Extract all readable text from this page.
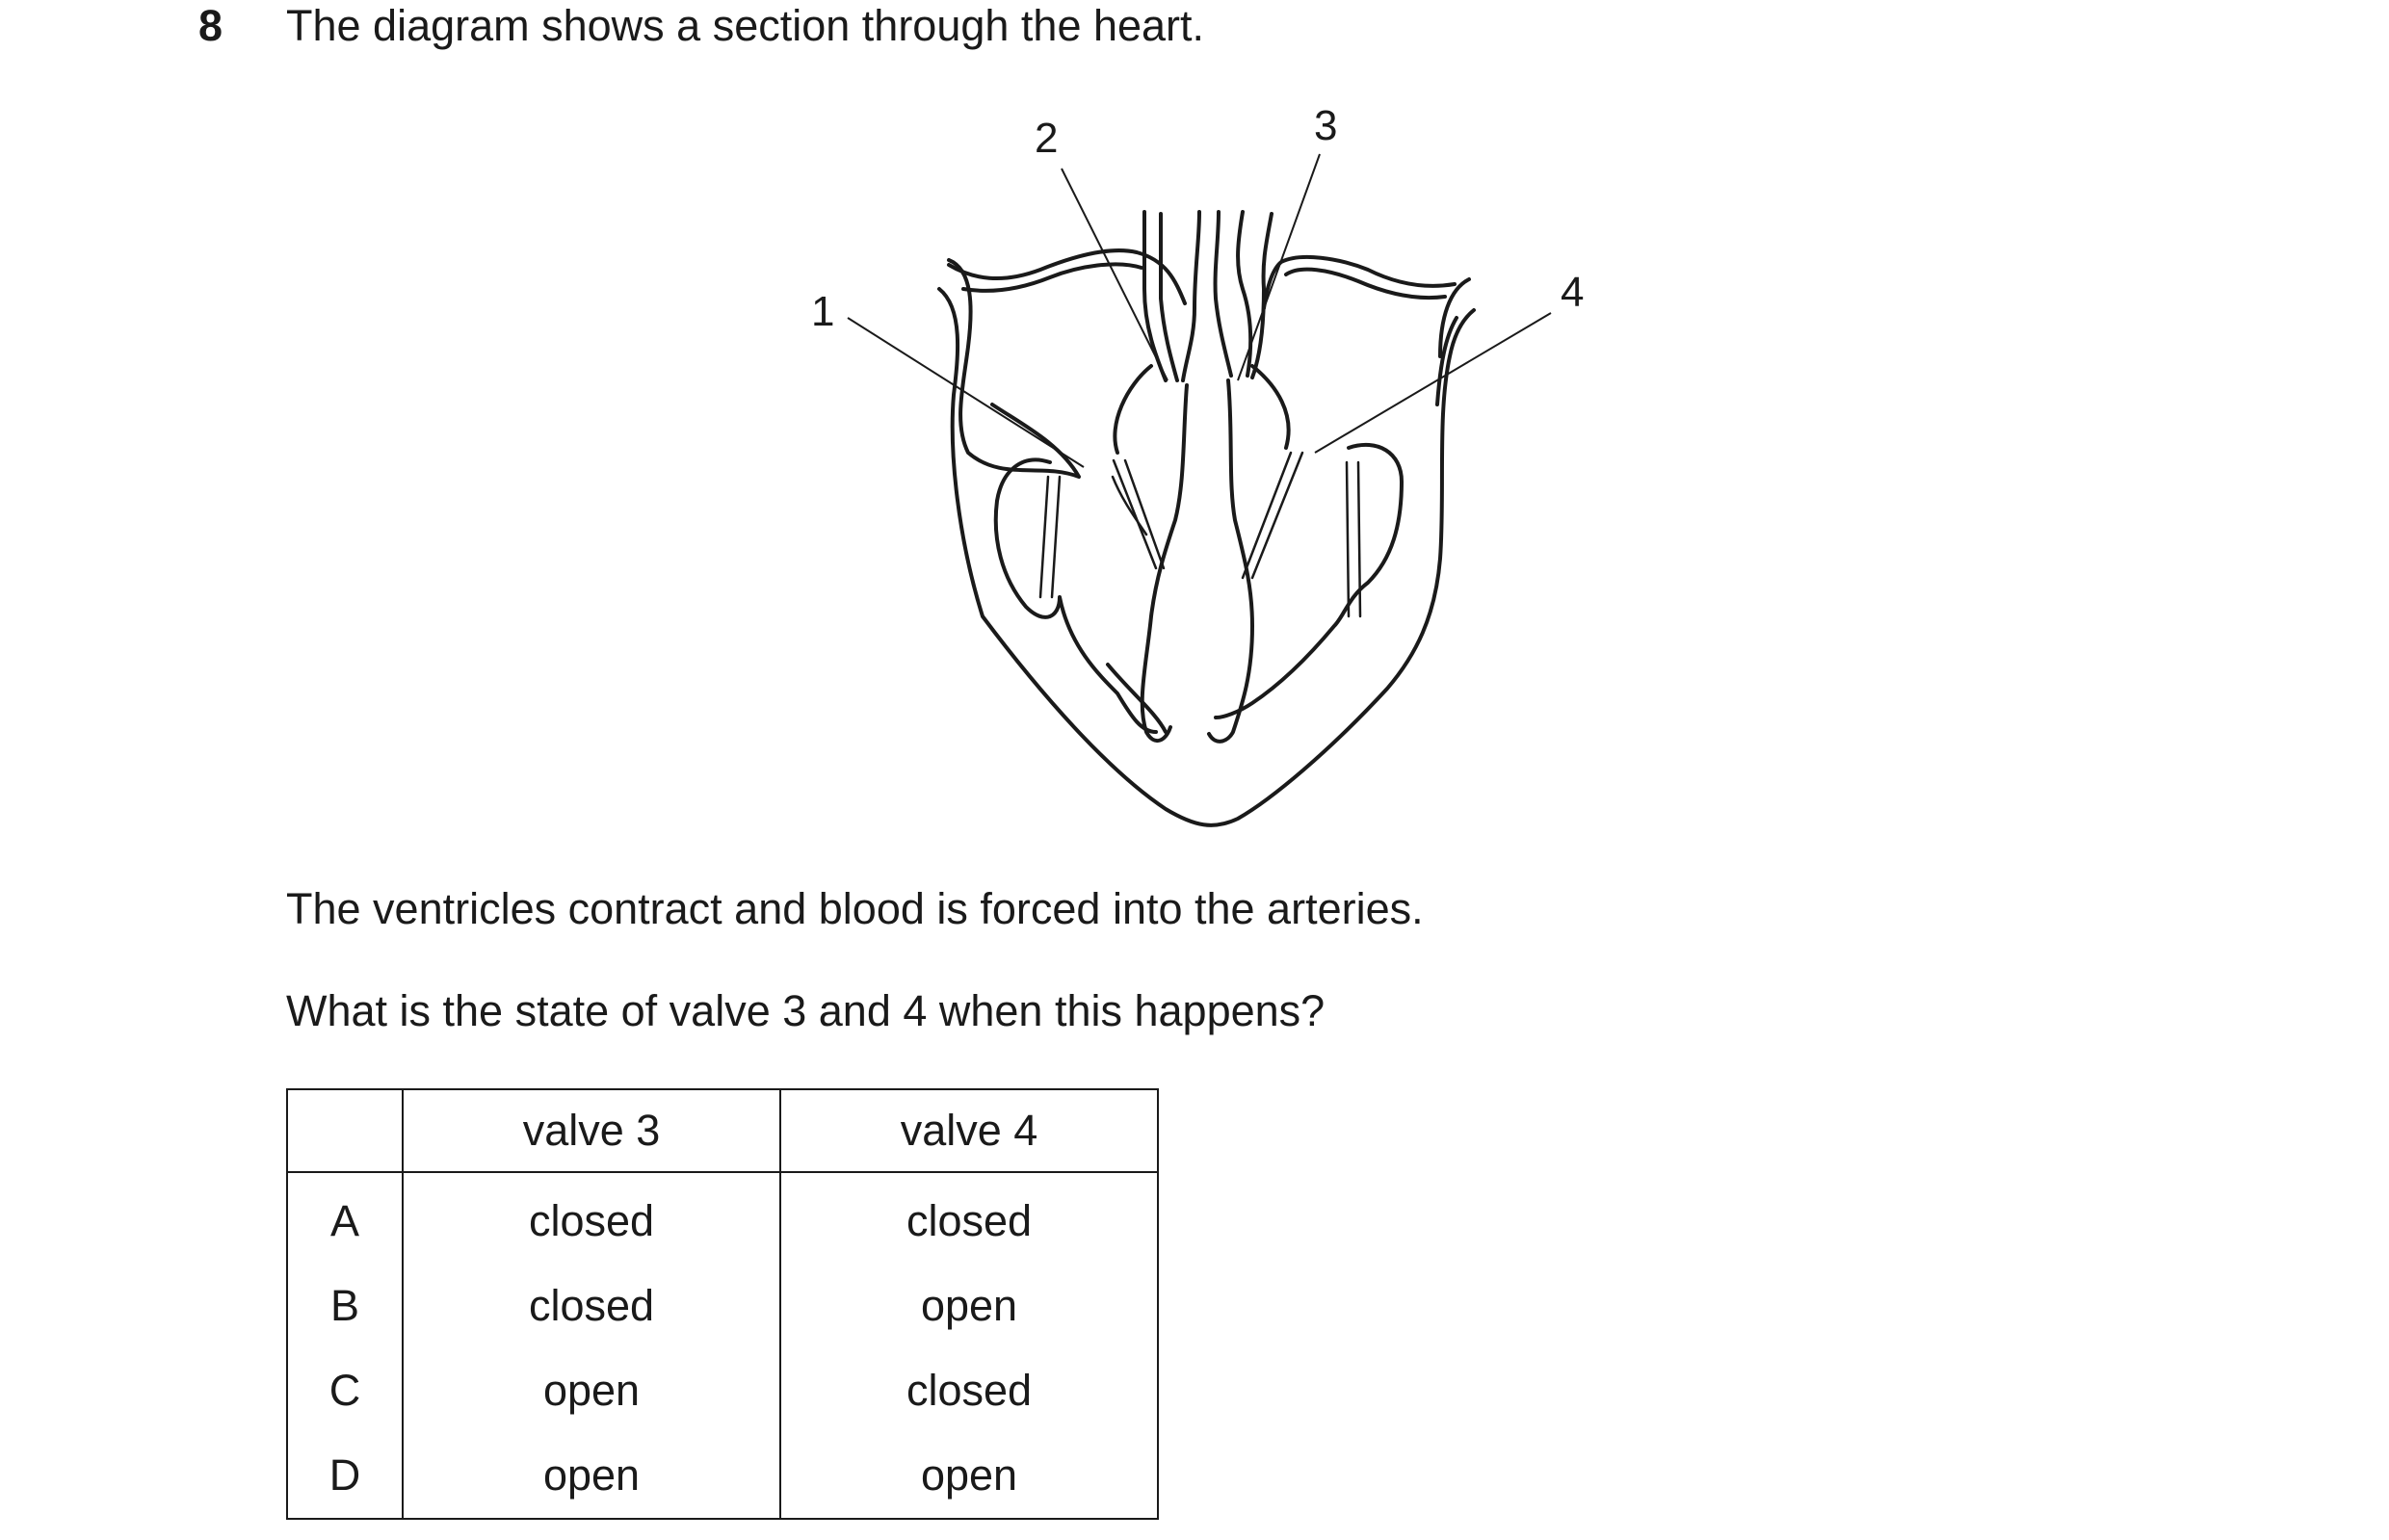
8 The diagram shows a section through the heart.
1
2	3
4
The ventricles contract and blood is forced into the arteries.
What is the state of valve 3 and 4 when this happens?
	valve 3	valve 4
A	closed	closed
B	closed	open
C	open	closed
D	open	open
